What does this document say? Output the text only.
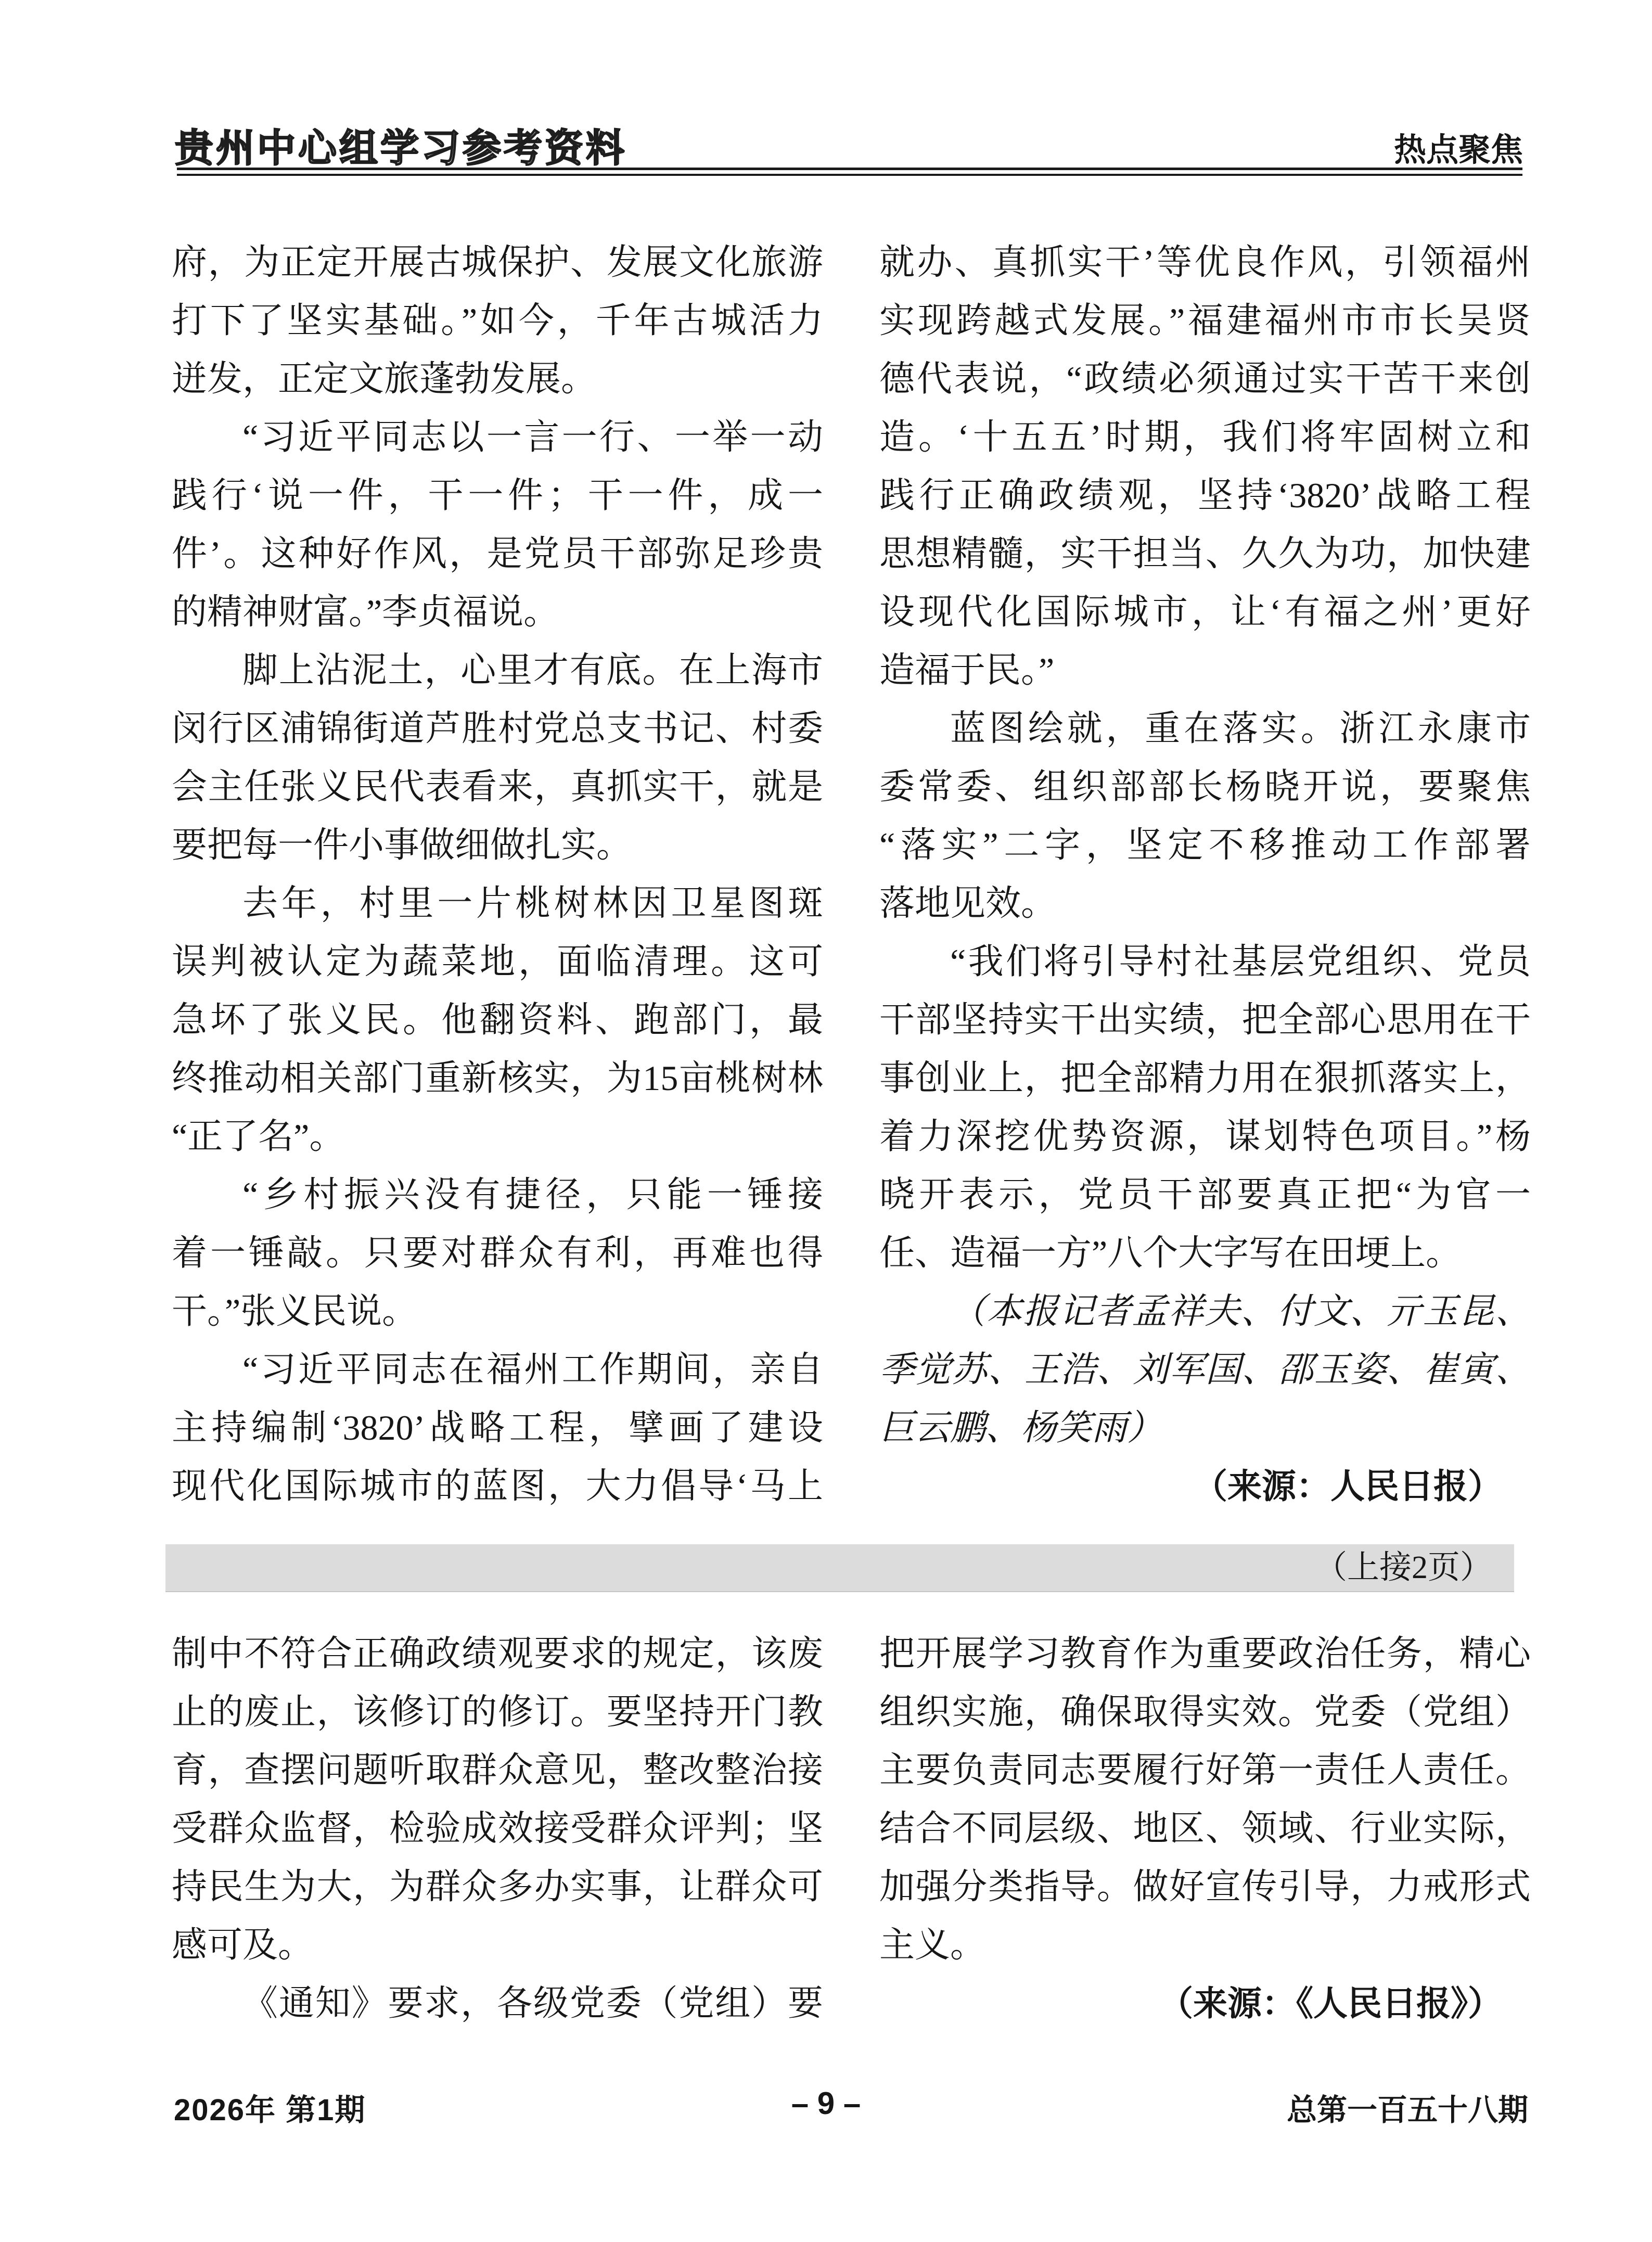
贵州中心组学习参考资料	热点聚焦
府，为正定开展古城保护、发展文化旅游
打下了坚实基础。”如今，千年古城活力
迸发，正定文旅蓬勃发展。
“习近平同志以一言一行、一举一动
践行‘说一件，干一件；干一件，成一
件’。这种好作风，是党员干部弥足珍贵
的精神财富。”李贞福说。
脚上沾泥土，心里才有底。在上海市
闵行区浦锦街道芦胜村党总支书记、村委
会主任张义民代表看来，真抓实干，就是
要把每一件小事做细做扎实。
去年，村里一片桃树林因卫星图斑
误判被认定为蔬菜地，面临清理。这可
急坏了张义民。他翻资料、跑部门，最
终推动相关部门重新核实，为15亩桃树林
“正了名”。
“乡村振兴没有捷径，只能一锤接
着一锤敲。只要对群众有利，再难也得
干。”张义民说。
“习近平同志在福州工作期间，亲自
主持编制‘3820’战略工程，擘画了建设
现代化国际城市的蓝图，大力倡导‘马上
就办、真抓实干’等优良作风，引领福州
实现跨越式发展。”福建福州市市长吴贤
德代表说，“政绩必须通过实干苦干来创
造。‘十五五’时期，我们将牢固树立和
践行正确政绩观，坚持‘3820’战略工程
思想精髓，实干担当、久久为功，加快建
设现代化国际城市，让‘有福之州’更好
造福于民。”
蓝图绘就，重在落实。浙江永康市
委常委、组织部部长杨晓开说，要聚焦
“落实”二字，坚定不移推动工作部署
落地见效。
“我们将引导村社基层党组织、党员
干部坚持实干出实绩，把全部心思用在干
事创业上，把全部精力用在狠抓落实上，
着力深挖优势资源，谋划特色项目。”杨
晓开表示，党员干部要真正把“为官一
任、造福一方”八个大字写在田埂上。
（本报记者孟祥夫、付文、亓玉昆、
季觉苏、王浩、刘军国、邵玉姿、崔寅、
巨云鹏、杨笑雨）
（来源：人民日报）
（上接2页）
制中不符合正确政绩观要求的规定，该废
止的废止，该修订的修订。要坚持开门教
育，查摆问题听取群众意见，整改整治接
受群众监督，检验成效接受群众评判；坚
持民生为大，为群众多办实事，让群众可
感可及。
《通知》要求，各级党委（党组）要
把开展学习教育作为重要政治任务，精心
组织实施，确保取得实效。党委（党组）
主要负责同志要履行好第一责任人责任。
结合不同层级、地区、领域、行业实际，
加强分类指导。做好宣传引导，力戒形式
主义。
（来源：《人民日报》）
2026年 第1期	– 9 –	总第一百五十八期
